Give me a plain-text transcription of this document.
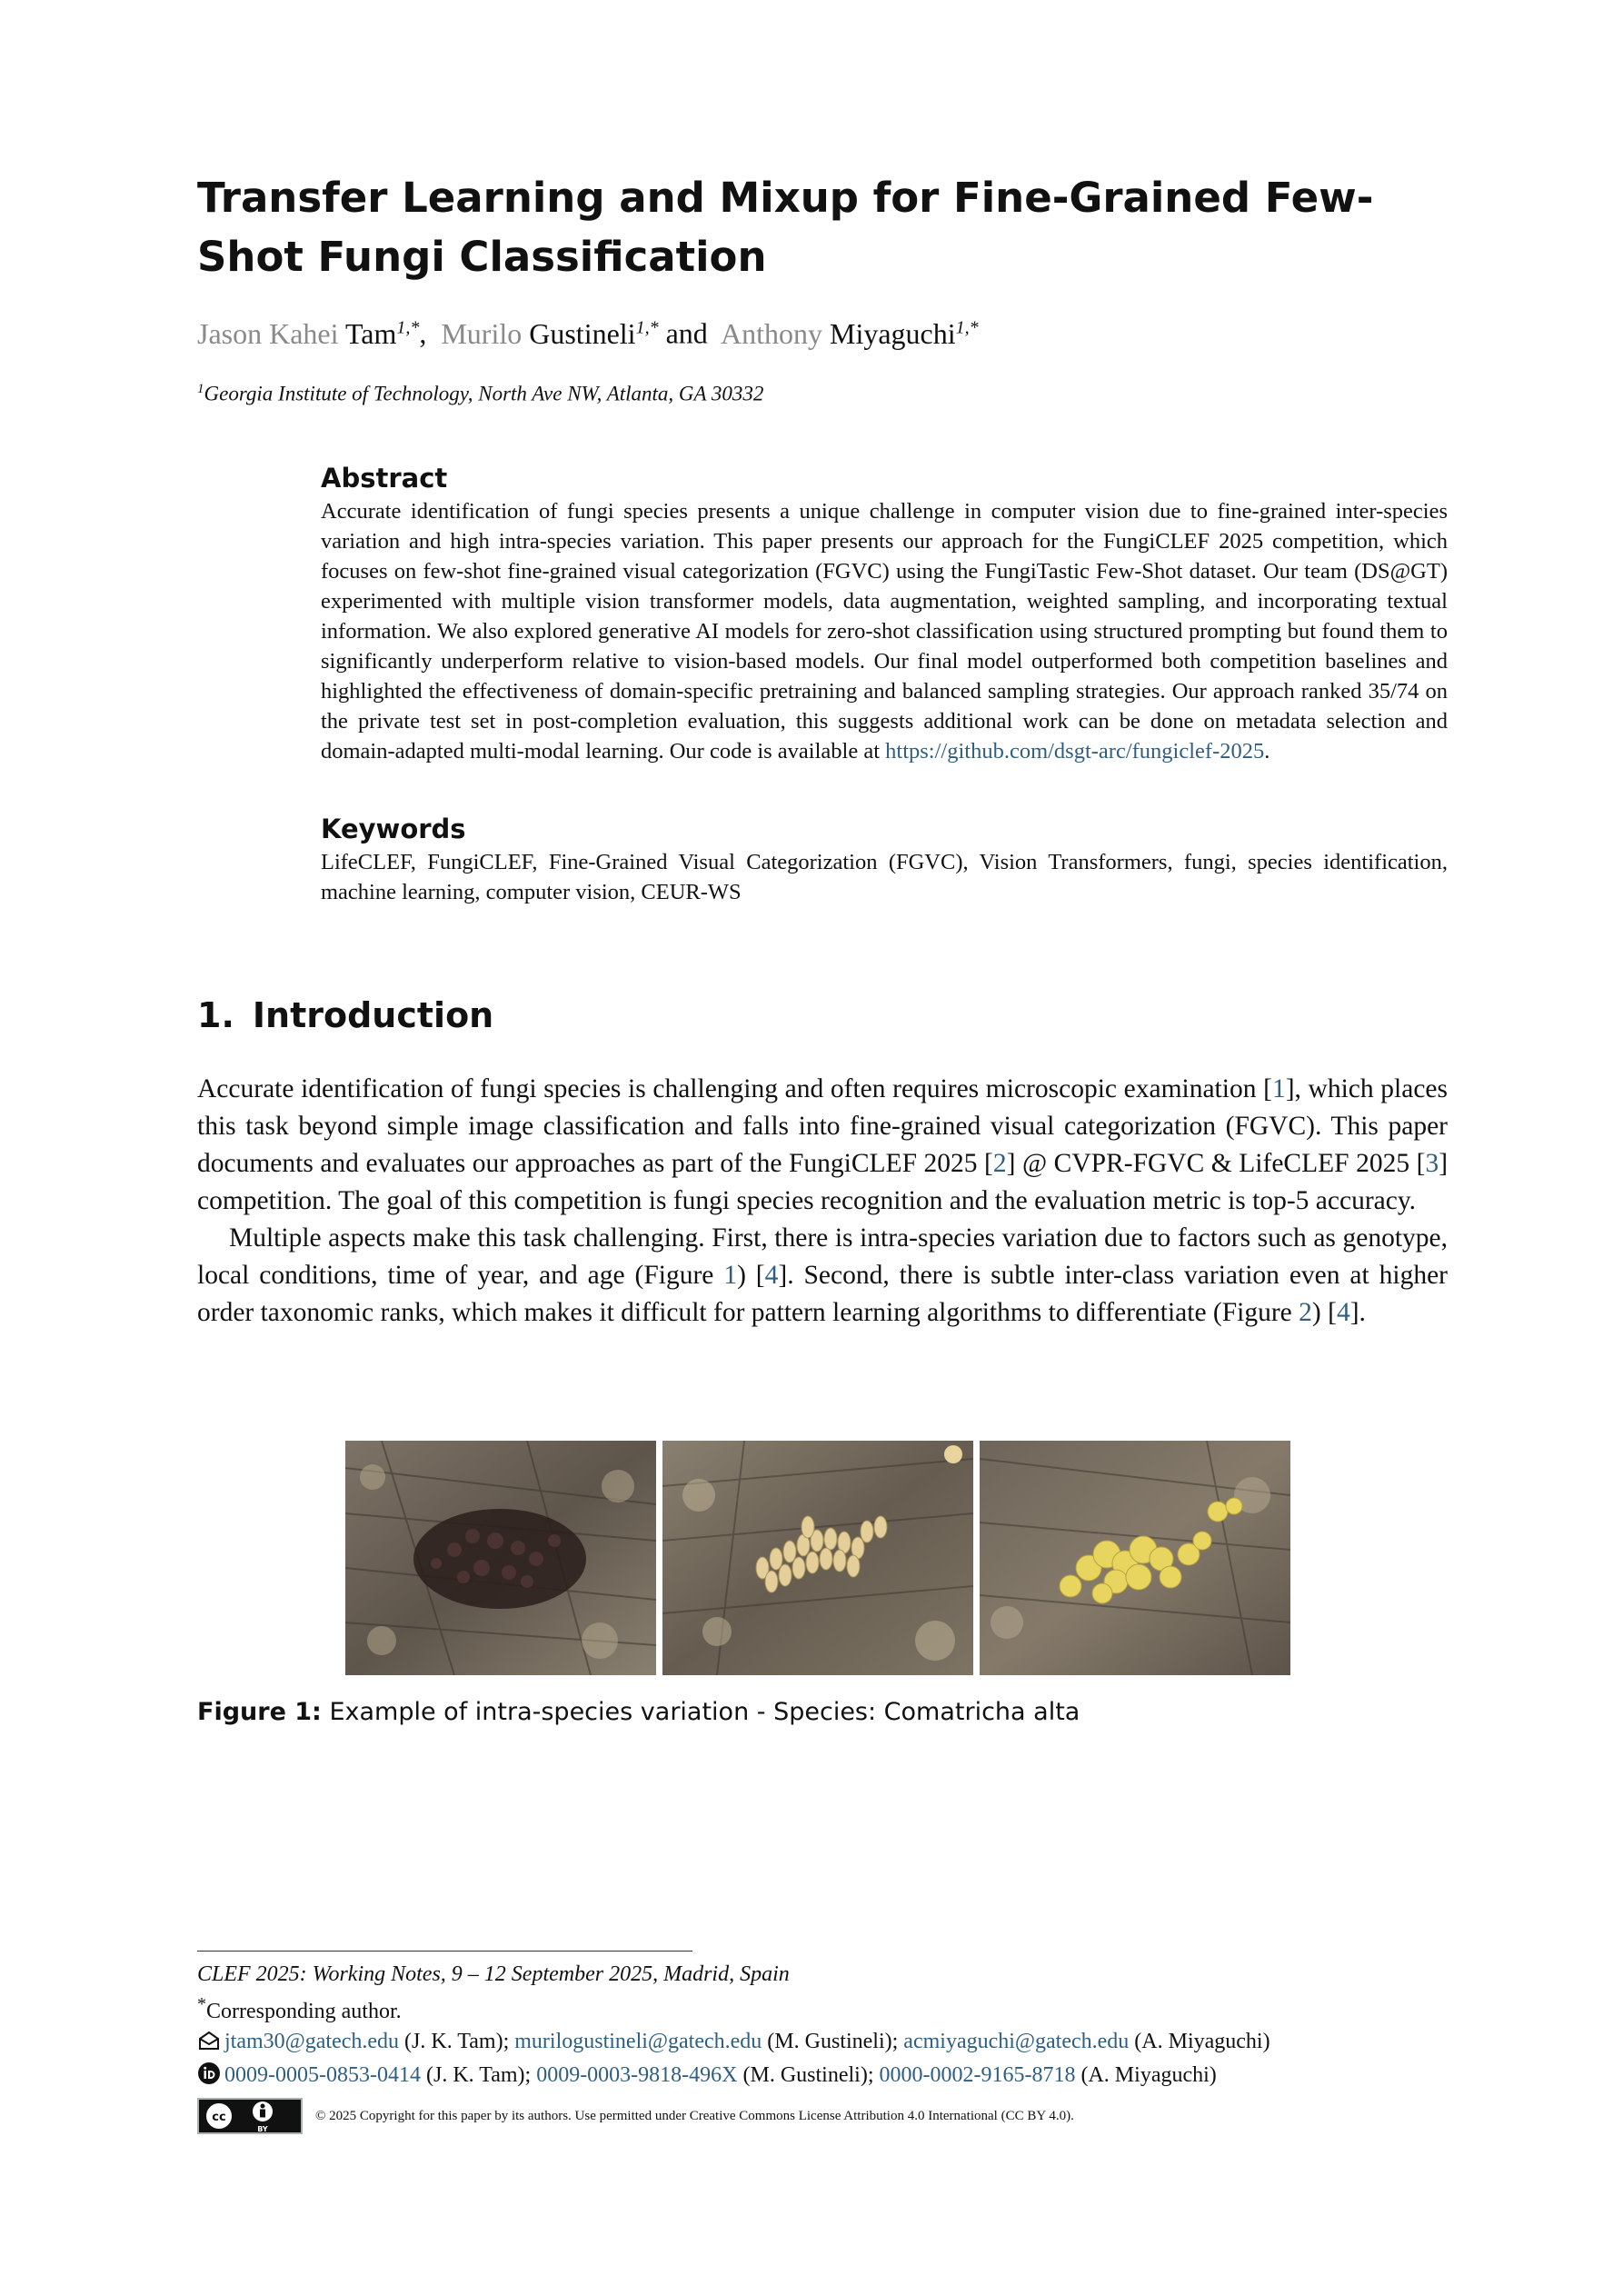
Transfer Learning and Mixup for Fine-Grained Few-Shot Fungi Classification
Jason Kahei Tam$^{1,*}$, Murilo Gustineli$^{1,*}$ and Anthony Miyaguchi$^{1,*}$
$^1$Georgia Institute of Technology, North Ave NW, Atlanta, GA 30332
Abstract

Accurate identification of fungi species presents a unique challenge in computer vision due to fine-grained inter-species variation and high intra-species variation. This paper presents our approach for the FungiCLEF 2025 competition, which focuses on few-shot fine-grained visual categorization (FGVC) using the FungiTastic Few-Shot dataset. Our team (DS@GT) experimented with multiple vision transformer models, data augmentation, weighted sampling, and incorporating textual information. We also explored generative AI models for zero-shot classification using structured prompting but found them to significantly underperform relative to vision-based models. Our final model outperformed both competition baselines and highlighted the effectiveness of domain-specific pretraining and balanced sampling strategies. Our approach ranked 35/74 on the private test set in post-completion evaluation, this suggests additional work can be done on metadata selection and domain-adapted multi-modal learning. Our code is available at https://github.com/dsgt-arc/fungiclef-2025.

Keywords

LifeCLEF, FungiCLEF, Fine-Grained Visual Categorization (FGVC), Vision Transformers, fungi, species identification, machine learning, computer vision, CEUR-WS

1. Introduction

Accurate identification of fungi species is challenging and often requires microscopic examination [1], which places this task beyond simple image classification and falls into fine-grained visual categorization (FGVC). This paper documents and evaluates our approaches as part of the FungiCLEF 2025 [2] @ CVPR-FGVC & LifeCLEF 2025 [3] competition. The goal of this competition is fungi species recognition and the evaluation metric is top-5 accuracy.

Multiple aspects make this task challenging. First, there is intra-species variation due to factors such as genotype, local conditions, time of year, and age (Figure 1) [4]. Second, there is subtle inter-class variation even at higher order taxonomic ranks, which makes it difficult for pattern learning algorithms to differentiate (Figure 2) [4].

Figure 1: Example of intra-species variation - Species: Comatricha alta
CLEF 2025: Working Notes, 9 – 12 September 2025, Madrid, Spain
*Corresponding author.
jtam30@gatech.edu (J. K. Tam); murilogustineli@gatech.edu (M. Gustineli); acmiyaguchi@gatech.edu (A. Miyaguchi)
0009-0005-0853-0414 (J. K. Tam); 0009-0003-9818-496X (M. Gustineli); 0000-0002-9165-8718 (A. Miyaguchi)
cc
BY
© 2025 Copyright for this paper by its authors. Use permitted under Creative Commons License Attribution 4.0 International (CC BY 4.0).
